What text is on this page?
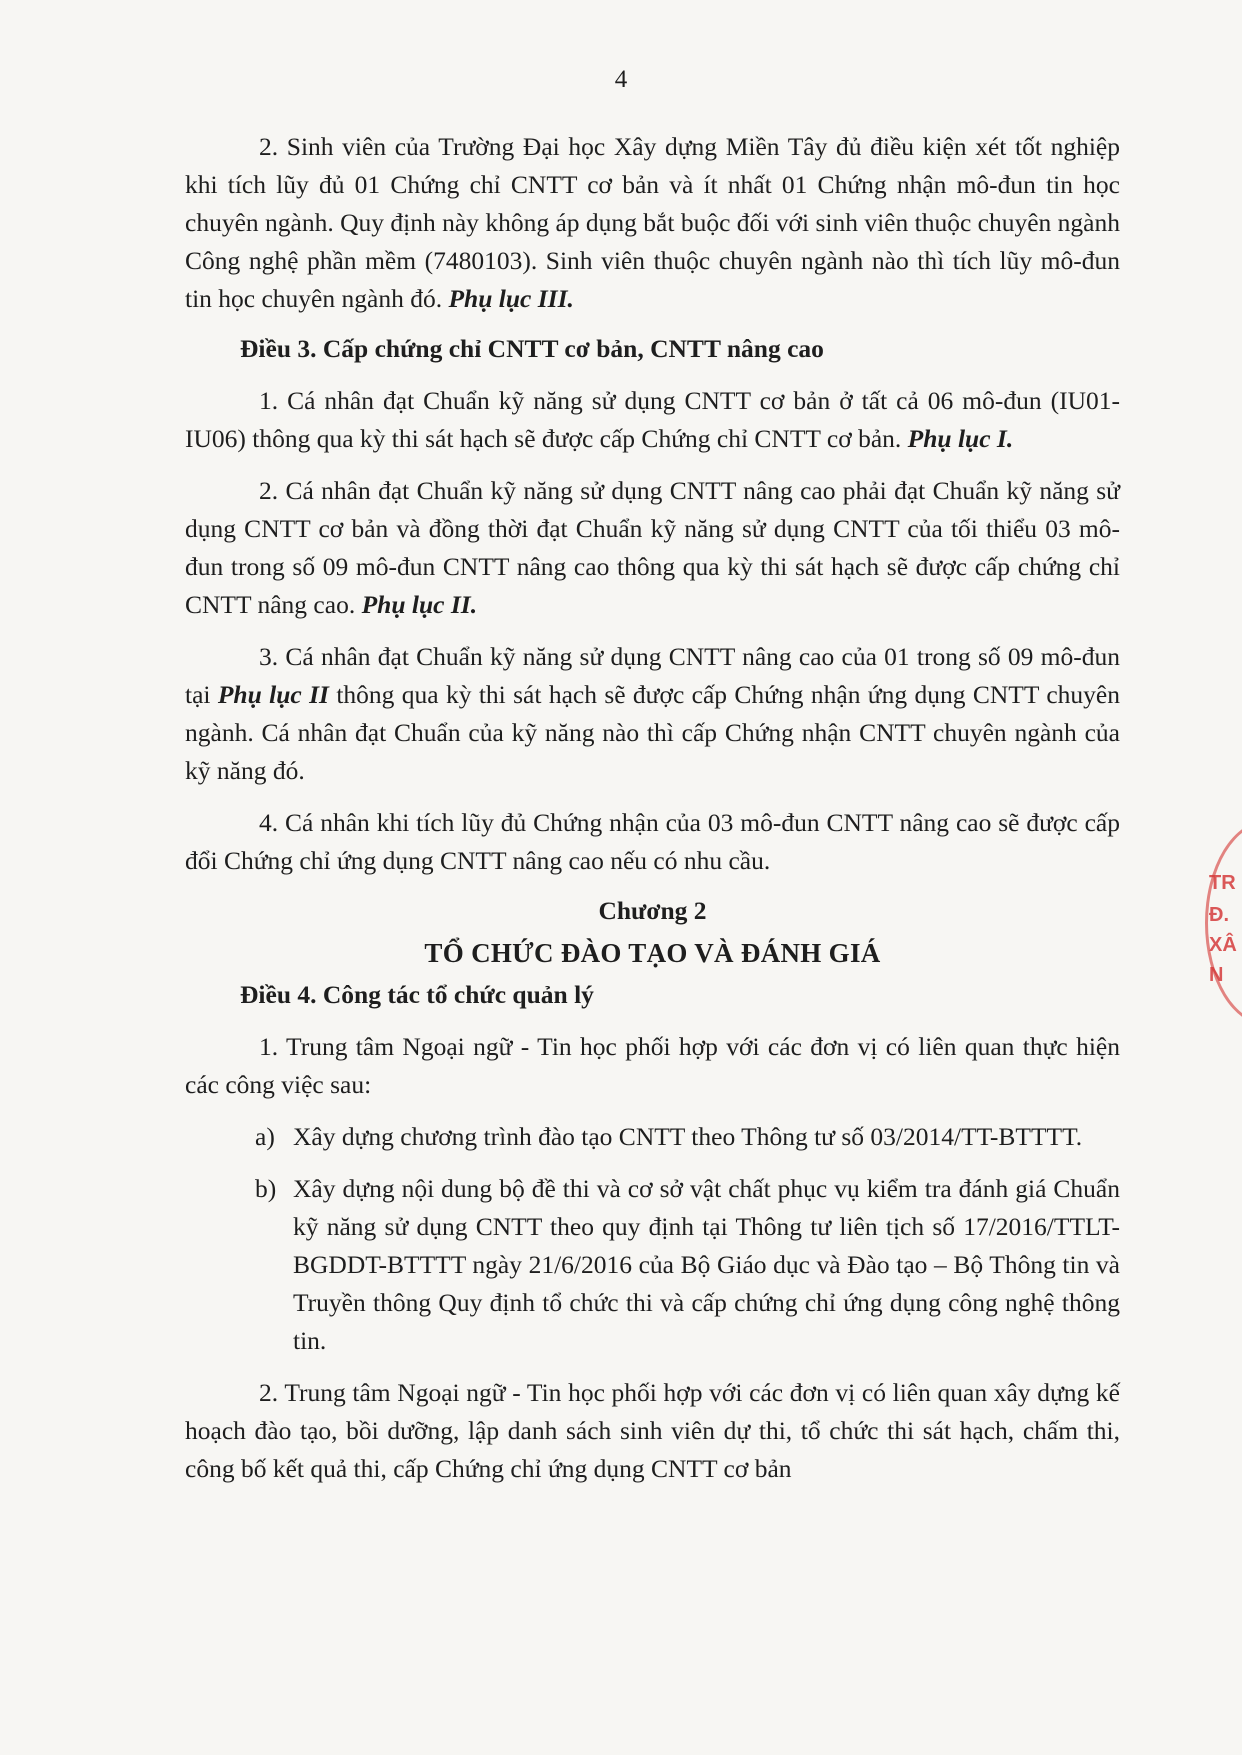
4

2. Sinh viên của Trường Đại học Xây dựng Miền Tây đủ điều kiện xét tốt nghiệp khi tích lũy đủ 01 Chứng chỉ CNTT cơ bản và ít nhất 01 Chứng nhận mô-đun tin học chuyên ngành. Quy định này không áp dụng bắt buộc đối với sinh viên thuộc chuyên ngành Công nghệ phần mềm (7480103). Sinh viên thuộc chuyên ngành nào thì tích lũy mô-đun tin học chuyên ngành đó. Phụ lục III.

Điều 3. Cấp chứng chỉ CNTT cơ bản, CNTT nâng cao

1. Cá nhân đạt Chuẩn kỹ năng sử dụng CNTT cơ bản ở tất cả 06 mô-đun (IU01-IU06) thông qua kỳ thi sát hạch sẽ được cấp Chứng chỉ CNTT cơ bản. Phụ lục I.

2. Cá nhân đạt Chuẩn kỹ năng sử dụng CNTT nâng cao phải đạt Chuẩn kỹ năng sử dụng CNTT cơ bản và đồng thời đạt Chuẩn kỹ năng sử dụng CNTT của tối thiểu 03 mô-đun trong số 09 mô-đun CNTT nâng cao thông qua kỳ thi sát hạch sẽ được cấp chứng chỉ CNTT nâng cao. Phụ lục II.

3. Cá nhân đạt Chuẩn kỹ năng sử dụng CNTT nâng cao của 01 trong số 09 mô-đun tại Phụ lục II thông qua kỳ thi sát hạch sẽ được cấp Chứng nhận ứng dụng CNTT chuyên ngành. Cá nhân đạt Chuẩn của kỹ năng nào thì cấp Chứng nhận CNTT chuyên ngành của kỹ năng đó.

4. Cá nhân khi tích lũy đủ Chứng nhận của 03 mô-đun CNTT nâng cao sẽ được cấp đổi Chứng chỉ ứng dụng CNTT nâng cao nếu có nhu cầu.

Chương 2

TỔ CHỨC ĐÀO TẠO VÀ ĐÁNH GIÁ

Điều 4. Công tác tổ chức quản lý

1. Trung tâm Ngoại ngữ - Tin học phối hợp với các đơn vị có liên quan thực hiện các công việc sau:

a) Xây dựng chương trình đào tạo CNTT theo Thông tư số 03/2014/TT-BTTTT.
b) Xây dựng nội dung bộ đề thi và cơ sở vật chất phục vụ kiểm tra đánh giá Chuẩn kỹ năng sử dụng CNTT theo quy định tại Thông tư liên tịch số 17/2016/TTLT-BGDDT-BTTTT ngày 21/6/2016 của Bộ Giáo dục và Đào tạo – Bộ Thông tin và Truyền thông Quy định tổ chức thi và cấp chứng chỉ ứng dụng công nghệ thông tin.

2. Trung tâm Ngoại ngữ - Tin học phối hợp với các đơn vị có liên quan xây dựng kế hoạch đào tạo, bồi dưỡng, lập danh sách sinh viên dự thi, tổ chức thi sát hạch, chấm thi, công bố kết quả thi, cấp Chứng chỉ ứng dụng CNTT cơ bản

TR
Đ.
XÂ
N
